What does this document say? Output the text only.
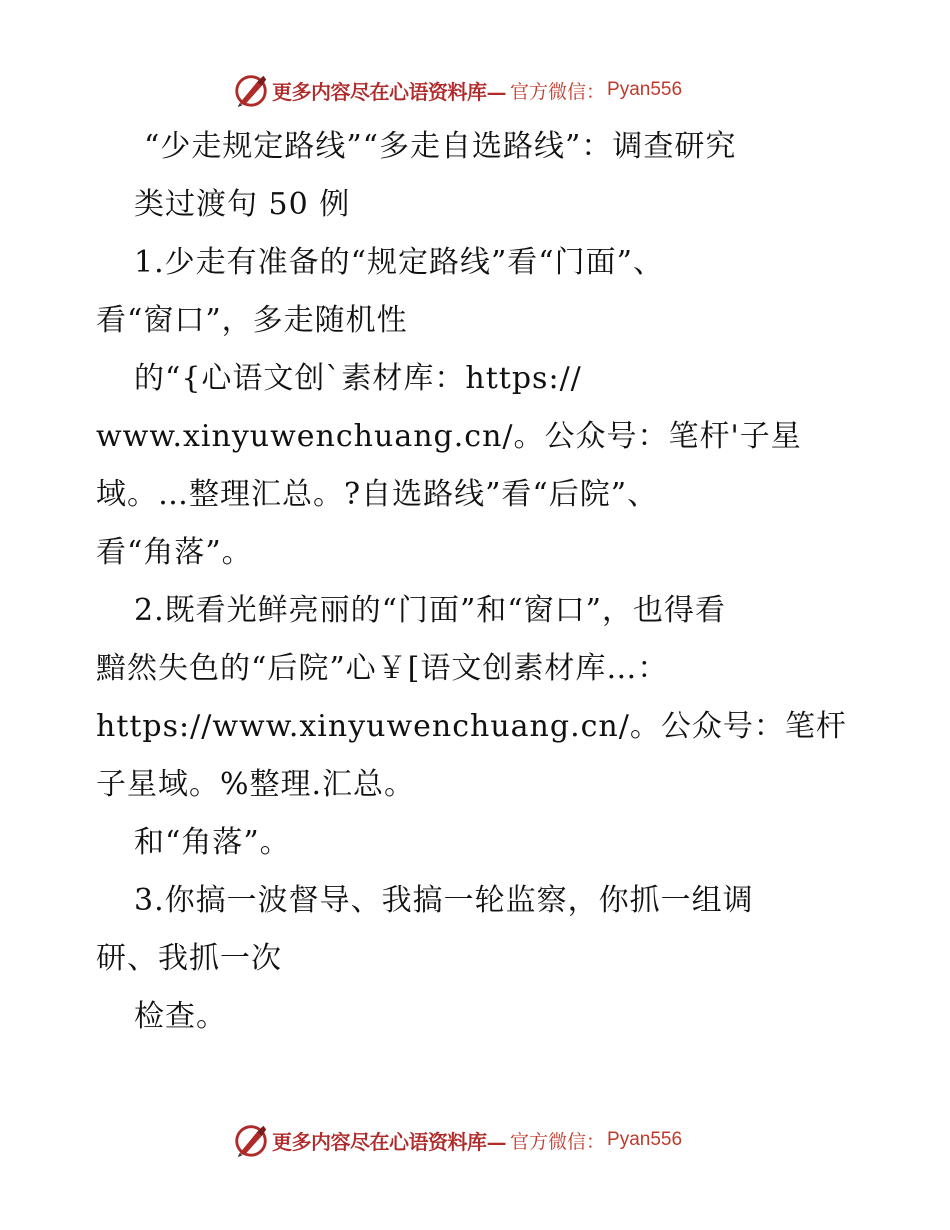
更多内容尽在心语资料库— 官方微信： Pyan556
“少走规定路线”“多走自选路线”：调查研究
类过渡句 50 例
1.少走有准备的“规定路线”看“门面”、
看“窗口”，多走随机性
的“{心语文创`素材库：https://
www.xinyuwenchuang.cn/。公众号：笔杆'子星
域。…整理汇总。?自选路线”看“后院”、
看“角落”。
2.既看光鲜亮丽的“门面”和“窗口”，也得看
黯然失色的“后院”心￥[语文创素材库…：
https://www.xinyuwenchuang.cn/。公众号：笔杆
子星域。%整理.汇总。
和“角落”。
3.你搞一波督导、我搞一轮监察，你抓一组调
研、我抓一次
检查。
更多内容尽在心语资料库— 官方微信： Pyan556
